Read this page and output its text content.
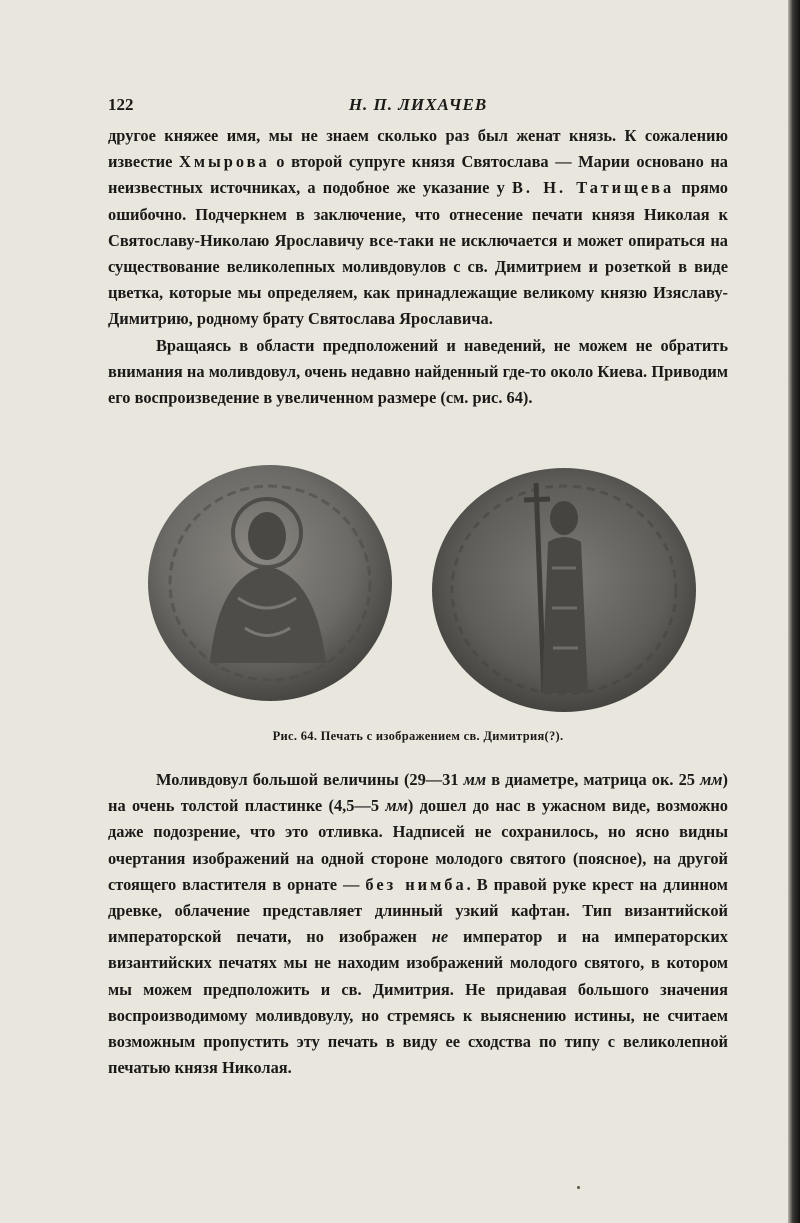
122	Н. П. ЛИХАЧЕВ

другое княжее имя, мы не знаем сколько раз был женат князь. К сожалению известие Хмырова о второй супруге князя Святослава — Марии основано на неизвестных источниках, а подобное же указание у В. Н. Татищева прямо ошибочно. Подчеркнем в заключение, что отнесение печати князя Николая к Святославу-Николаю Ярославичу все-таки не исключается и может опираться на существование великолепных моливдовулов с св. Димитрием и розеткой в виде цветка, которые мы определяем, как принадлежащие великому князю Изяславу-Димитрию, родному брату Святослава Ярославича.

Вращаясь в области предположений и наведений, не можем не обратить внимания на моливдовул, очень недавно найденный где-то около Киева. Приводим его воспроизведение в увеличенном размере (см. рис. 64).

Рис. 64. Печать с изображением св. Димитрия(?).

Моливдовул большой величины (29—31 мм в диаметре, матрица ок. 25 мм) на очень толстой пластинке (4,5—5 мм) дошел до нас в ужасном виде, возможно даже подозрение, что это отливка. Надписей не сохранилось, но ясно видны очертания изображений на одной стороне молодого святого (поясное), на другой стоящего властителя в орнате — без нимба. В правой руке крест на длинном древке, облачение представляет длинный узкий кафтан. Тип византийской императорской печати, но изображен не император и на императорских византийских печатях мы не находим изображений молодого святого, в котором мы можем предположить и св. Димитрия. Не придавая большого значения воспроизводимому моливдовулу, но стремясь к выяснению истины, не считаем возможным пропустить эту печать в виду ее сходства по типу с великолепной печатью князя Николая.
